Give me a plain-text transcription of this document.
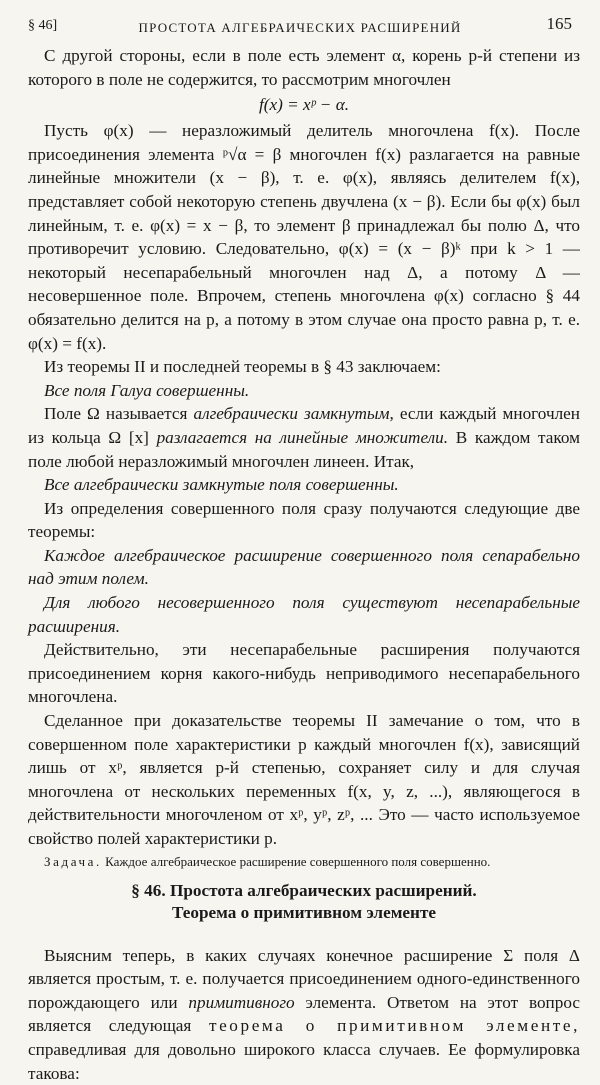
§ 46]	ПРОСТОТА АЛГЕБРАИЧЕСКИХ РАСШИРЕНИЙ	165

С другой стороны, если в поле есть элемент α, корень p-й степени из которого в поле не содержится, то рассмотрим многочлен

f(x) = xᵖ − α.

Пусть φ(x) — неразложимый делитель многочлена f(x). После присоединения элемента ᵖ√α = β многочлен f(x) разлагается на равные линейные множители (x − β), т. е. φ(x), являясь делителем f(x), представляет собой некоторую степень двучлена (x − β). Если бы φ(x) был линейным, т. е. φ(x) = x − β, то элемент β принадлежал бы полю Δ, что противоречит условию. Следовательно, φ(x) = (x − β)ᵏ при k > 1 — некоторый несепарабельный многочлен над Δ, а потому Δ — несовершенное поле. Впрочем, степень многочлена φ(x) согласно § 44 обязательно делится на p, а потому в этом случае она просто равна p, т. е. φ(x) = f(x).

Из теоремы II и последней теоремы в § 43 заключаем:

Все поля Галуа совершенны.

Поле Ω называется алгебраически замкнутым, если каждый многочлен из кольца Ω [x] разлагается на линейные множители. В каждом таком поле любой неразложимый многочлен линеен. Итак,

Все алгебраически замкнутые поля совершенны.

Из определения совершенного поля сразу получаются следующие две теоремы:

Каждое алгебраическое расширение совершенного поля сепарабельно над этим полем.

Для любого несовершенного поля существуют несепарабельные расширения.

Действительно, эти несепарабельные расширения получаются присоединением корня какого-нибудь неприводимого несепарабельного многочлена.

Сделанное при доказательстве теоремы II замечание о том, что в совершенном поле характеристики p каждый многочлен f(x), зависящий лишь от xᵖ, является p-й степенью, сохраняет силу и для случая многочлена от нескольких переменных f(x, y, z, ...), являющегося в действительности многочленом от xᵖ, yᵖ, zᵖ, ... Это — часто используемое свойство полей характеристики p.

Задача. Каждое алгебраическое расширение совершенного поля совершенно.

§ 46. Простота алгебраических расширений.
Теорема о примитивном элементе

Выясним теперь, в каких случаях конечное расширение Σ поля Δ является простым, т. е. получается присоединением одного-единственного порождающего или примитивного элемента. Ответом на этот вопрос является следующая теорема о примитивном элементе, справедливая для довольно широкого класса случаев. Ее формулировка такова:
